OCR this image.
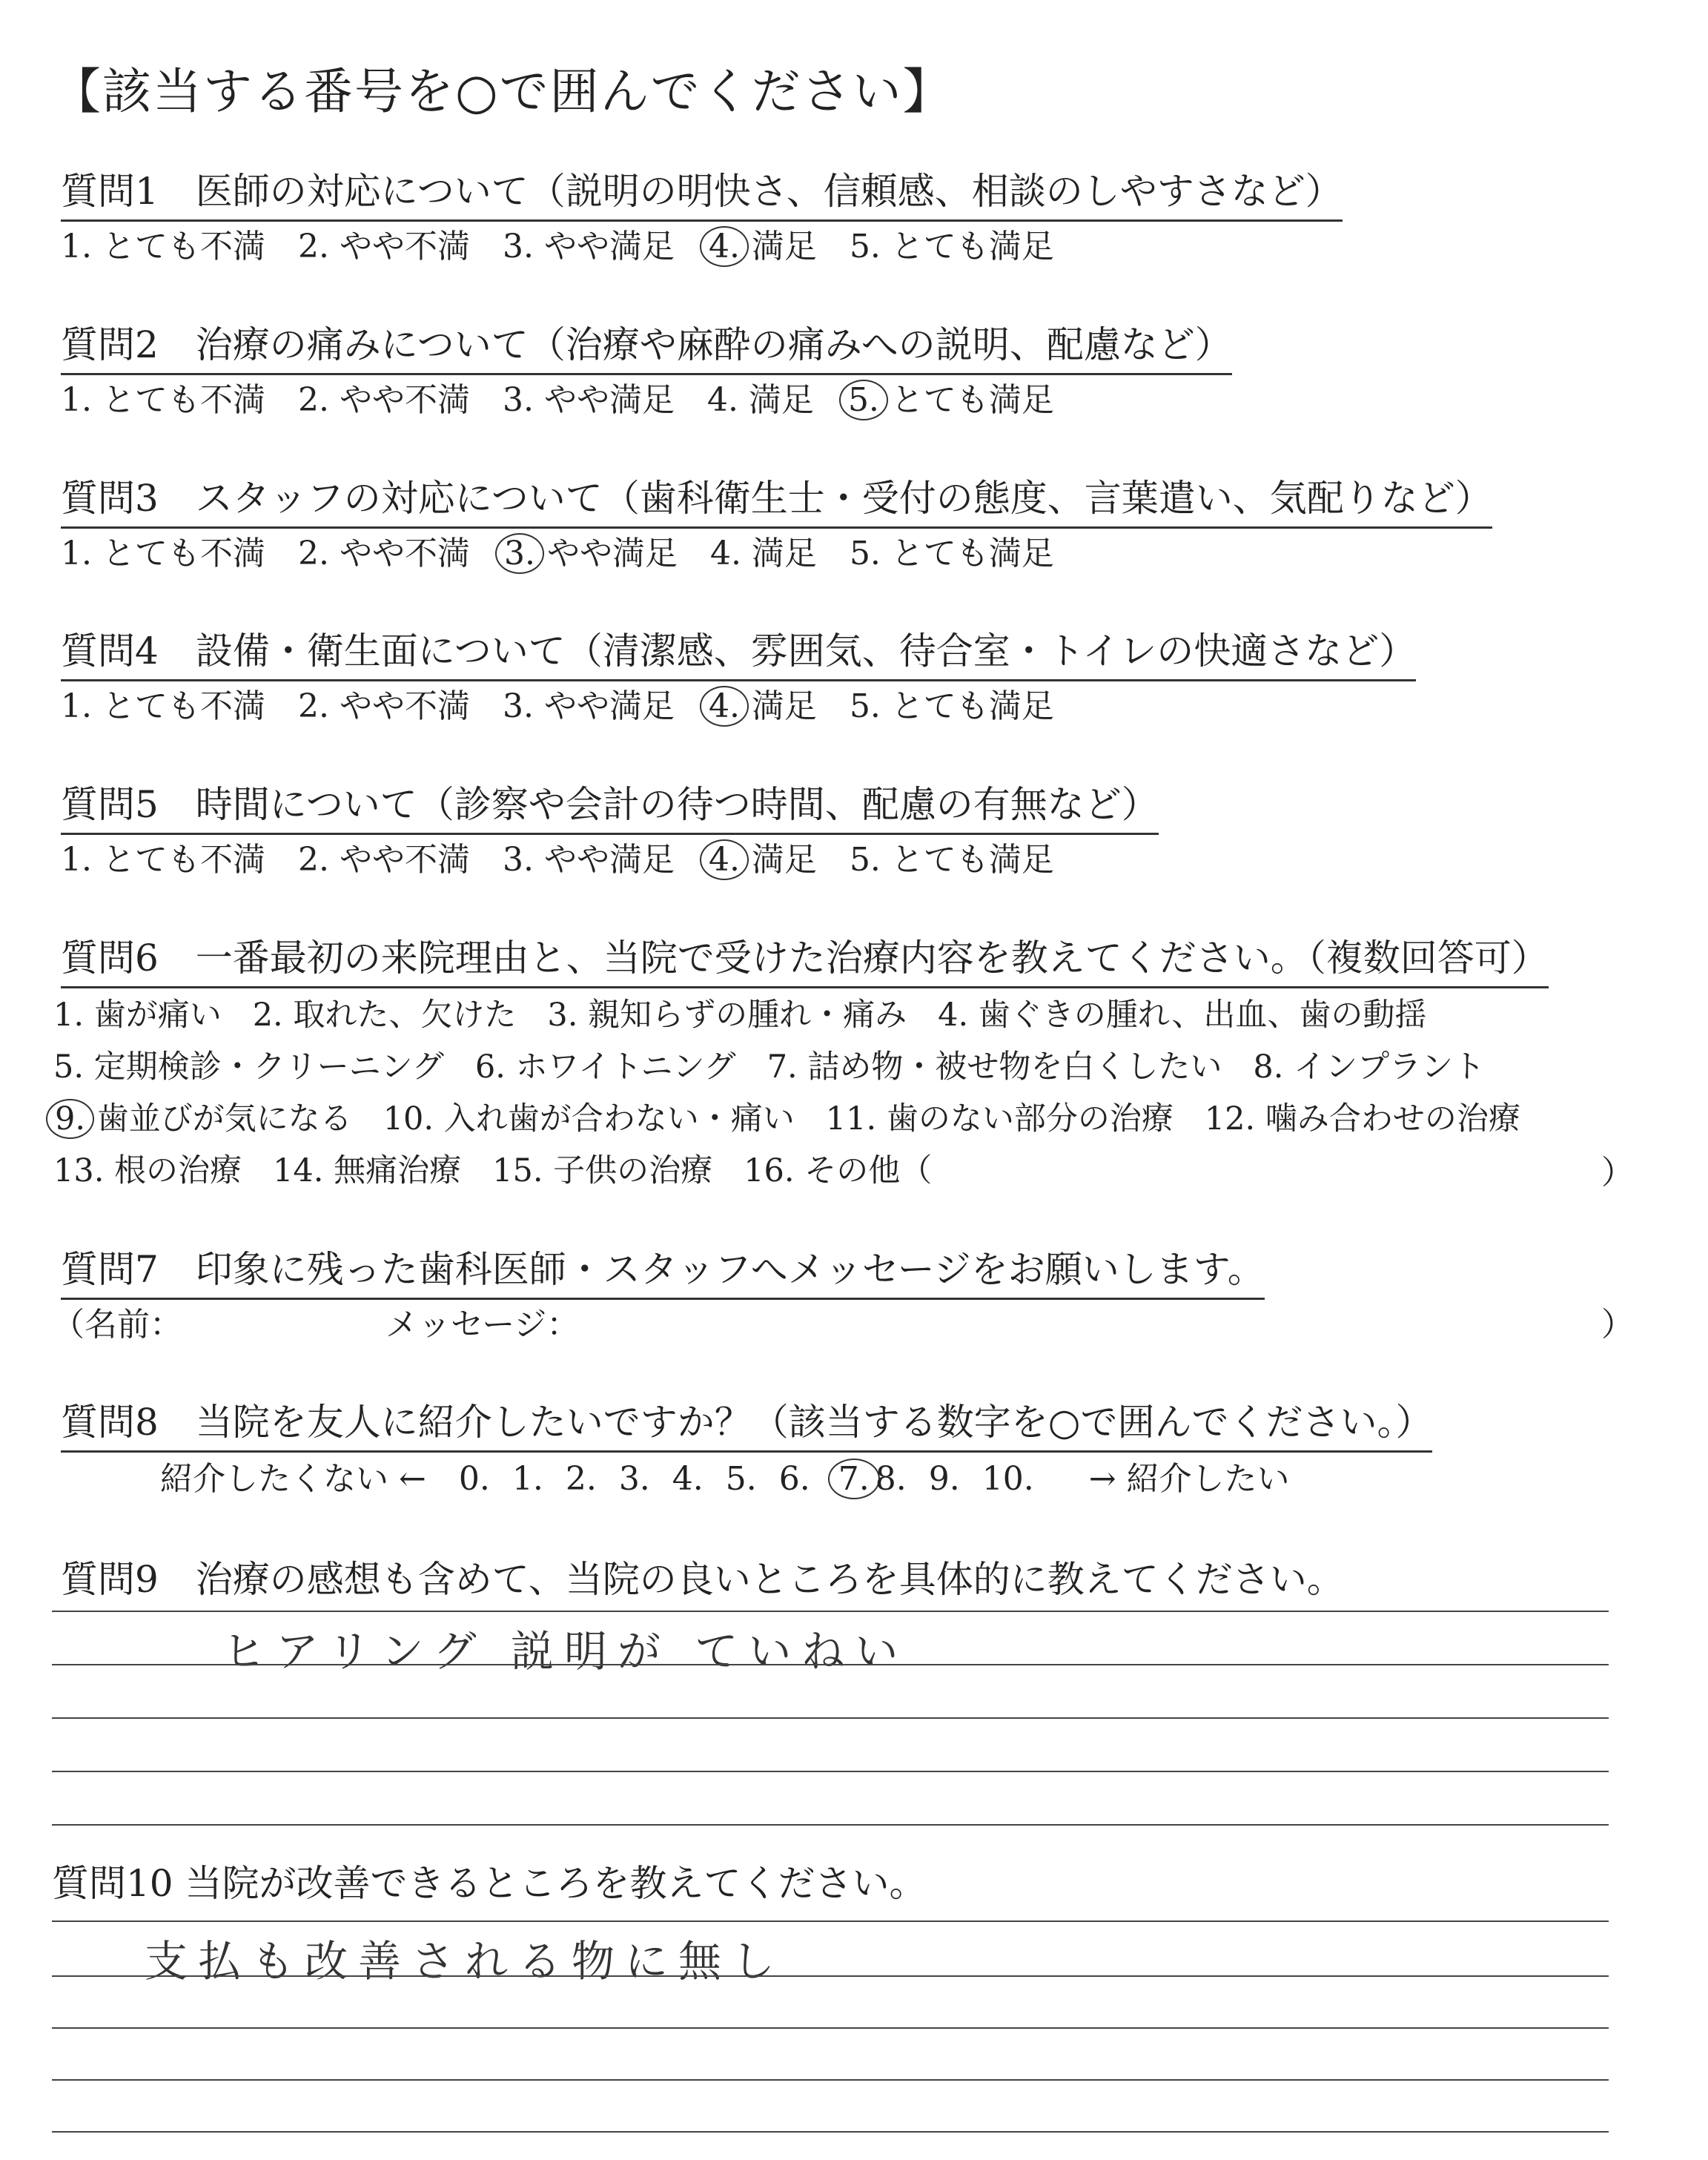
【該当する番号を○で囲んでください】
質問1　医師の対応について（説明の明快さ、信頼感、相談のしやすさなど）
1. とても不満 2. やや不満 3. やや満足 4. 満足 5. とても満足
質問2　治療の痛みについて（治療や麻酔の痛みへの説明、配慮など）
1. とても不満 2. やや不満 3. やや満足 4. 満足 5. とても満足
質問3　スタッフの対応について（歯科衛生士・受付の態度、言葉遣い、気配りなど）
1. とても不満 2. やや不満 3. やや満足 4. 満足 5. とても満足
質問4　設備・衛生面について（清潔感、雰囲気、待合室・トイレの快適さなど）
1. とても不満 2. やや不満 3. やや満足 4. 満足 5. とても満足
質問5　時間について（診察や会計の待つ時間、配慮の有無など）
1. とても不満 2. やや不満 3. やや満足 4. 満足 5. とても満足
質問6　一番最初の来院理由と、当院で受けた治療内容を教えてください。（複数回答可）
1. 歯が痛い 2. 取れた、欠けた 3. 親知らずの腫れ・痛み 4. 歯ぐきの腫れ、出血、歯の動揺
5. 定期検診・クリーニング 6. ホワイトニング 7. 詰め物・被せ物を白くしたい 8. インプラント
9. 歯並びが気になる 10. 入れ歯が合わない・痛い 11. 歯のない部分の治療 12. 噛み合わせの治療
13. 根の治療 14. 無痛治療 15. 子供の治療 16. その他（	）
質問7　印象に残った歯科医師・スタッフへメッセージをお願いします。
（名前：	メッセージ：	）
質問8　当院を友人に紹介したいですか？（該当する数字を○で囲んでください。）
紹介したくない ← 0. 1. 2. 3. 4. 5. 6. 7. 8. 9. 10. → 紹介したい
質問9　治療の感想も含めて、当院の良いところを具体的に教えてください。
ヒアリング 説明が ていねい
質問10 当院が改善できるところを教えてください。
支払も改善される物に無し
